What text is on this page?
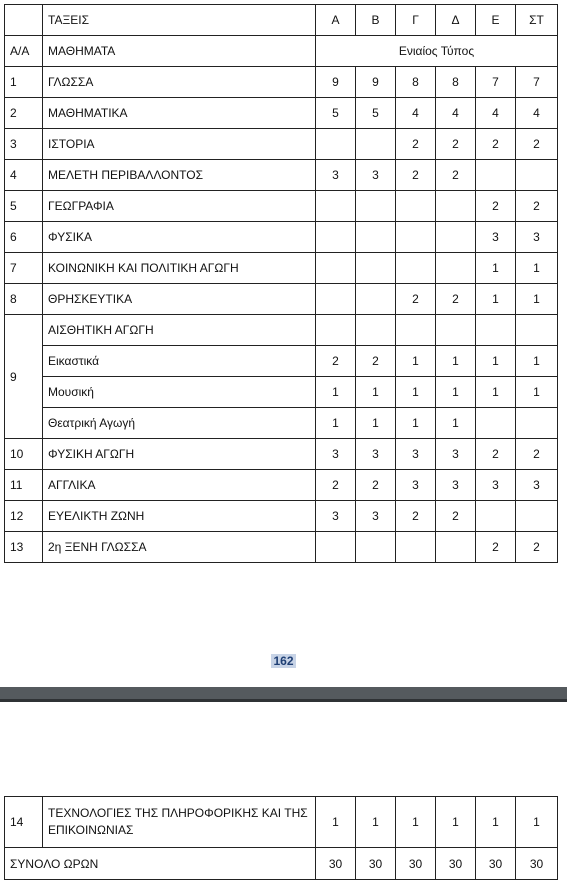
	ΤΑΞΕΙΣ	Α	Β	Γ	Δ	Ε	ΣΤ
Α/Α	ΜΑΘΗΜΑΤΑ	Ενιαίος Τύπος					
1	ΓΛΩΣΣΑ	9	9	8	8	7	7
2	ΜΑΘΗΜΑΤΙΚΑ	5	5	4	4	4	4
3	ΙΣΤΟΡΙΑ			2	2	2	2
4	ΜΕΛΕΤΗ ΠΕΡΙΒΑΛΛΟΝΤΟΣ	3	3	2	2		
5	ΓΕΩΓΡΑΦΙΑ					2	2
6	ΦΥΣΙΚΑ					3	3
7	ΚΟΙΝΩΝΙΚΗ ΚΑΙ ΠΟΛΙΤΙΚΗ ΑΓΩΓΗ					1	1
8	ΘΡΗΣΚΕΥΤΙΚΑ			2	2	1	1
9	ΑΙΣΘΗΤΙΚΗ ΑΓΩΓΗ						
	Εικαστικά	2	2	1	1	1	1
	Μουσική	1	1	1	1	1	1
	Θεατρική Αγωγή	1	1	1	1		
10	ΦΥΣΙΚΗ ΑΓΩΓΗ	3	3	3	3	2	2
11	ΑΓΓΛΙΚΑ	2	2	3	3	3	3
12	ΕΥΕΛΙΚΤΗ ΖΩΝΗ	3	3	2	2		
13	2η ΞΕΝΗ ΓΛΩΣΣΑ					2	2
162
14	ΤΕΧΝΟΛΟΓΙΕΣ ΤΗΣ ΠΛΗΡΟΦΟΡΙΚΗΣ ΚΑΙ ΤΗΣ ΕΠΙΚΟΙΝΩΝΙΑΣ	1	1	1	1	1	1
ΣΥΝΟΛΟ ΩΡΩΝ		30	30	30	30	30	30
